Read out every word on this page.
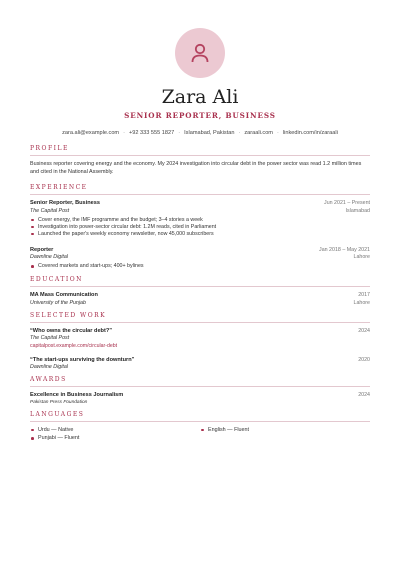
Zara Ali
SENIOR REPORTER, BUSINESS
zara.ali@example.com · +92 333 555 1827 · Islamabad, Pakistan · zaraali.com · linkedin.com/in/zaraali
PROFILE
Business reporter covering energy and the economy. My 2024 investigation into circular debt in the power sector was read 1.2 million times and cited in the National Assembly.
EXPERIENCE
Senior Reporter, Business	Jun 2021 – Present
The Capital Post	Islamabad
Cover energy, the IMF programme and the budget; 3–4 stories a week
Investigation into power-sector circular debt: 1.2M reads, cited in Parliament
Launched the paper's weekly economy newsletter, now 45,000 subscribers
Reporter	Jan 2018 – May 2021
Dawnline Digital	Lahore
Covered markets and start-ups; 400+ bylines
EDUCATION
MA Mass Communication	2017
University of the Punjab	Lahore
SELECTED WORK
“Who owns the circular debt?”	2024
The Capital Post
capitalpost.example.com/circular-debt
“The start-ups surviving the downturn”	2020
Dawnline Digital
AWARDS
Excellence in Business Journalism	2024
Pakistan Press Foundation
LANGUAGES
Urdu — Native	English — Fluent
Punjabi — Fluent
